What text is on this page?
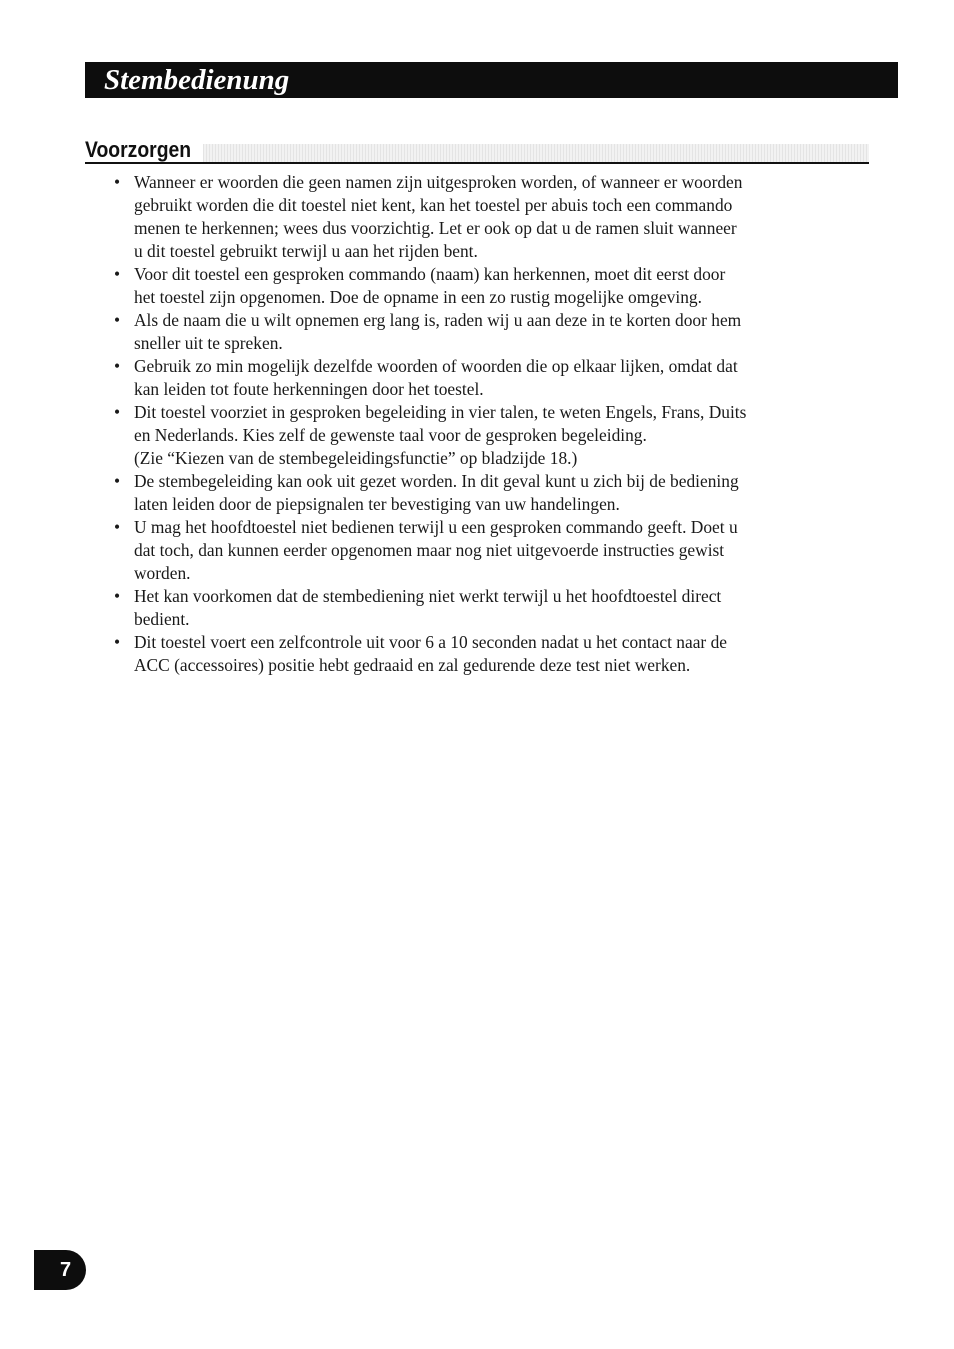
Stembedienung
Voorzorgen
• Wanneer er woorden die geen namen zijn uitgesproken worden, of wanneer er woorden
gebruikt worden die dit toestel niet kent, kan het toestel per abuis toch een commando
menen te herkennen; wees dus voorzichtig. Let er ook op dat u de ramen sluit wanneer
u dit toestel gebruikt terwijl u aan het rijden bent.
• Voor dit toestel een gesproken commando (naam) kan herkennen, moet dit eerst door
het toestel zijn opgenomen. Doe de opname in een zo rustig mogelijke omgeving.
• Als de naam die u wilt opnemen erg lang is, raden wij u aan deze in te korten door hem
sneller uit te spreken.
• Gebruik zo min mogelijk dezelfde woorden of woorden die op elkaar lijken, omdat dat
kan leiden tot foute herkenningen door het toestel.
• Dit toestel voorziet in gesproken begeleiding in vier talen, te weten Engels, Frans, Duits
en Nederlands. Kies zelf de gewenste taal voor de gesproken begeleiding.
(Zie “Kiezen van de stembegeleidingsfunctie” op bladzijde 18.)
• De stembegeleiding kan ook uit gezet worden. In dit geval kunt u zich bij de bediening
laten leiden door de piepsignalen ter bevestiging van uw handelingen.
• U mag het hoofdtoestel niet bedienen terwijl u een gesproken commando geeft. Doet u
dat toch, dan kunnen eerder opgenomen maar nog niet uitgevoerde instructies gewist
worden.
• Het kan voorkomen dat de stembediening niet werkt terwijl u het hoofdtoestel direct
bedient.
• Dit toestel voert een zelfcontrole uit voor 6 a 10 seconden nadat u het contact naar de
ACC (accessoires) positie hebt gedraaid en zal gedurende deze test niet werken.
7
